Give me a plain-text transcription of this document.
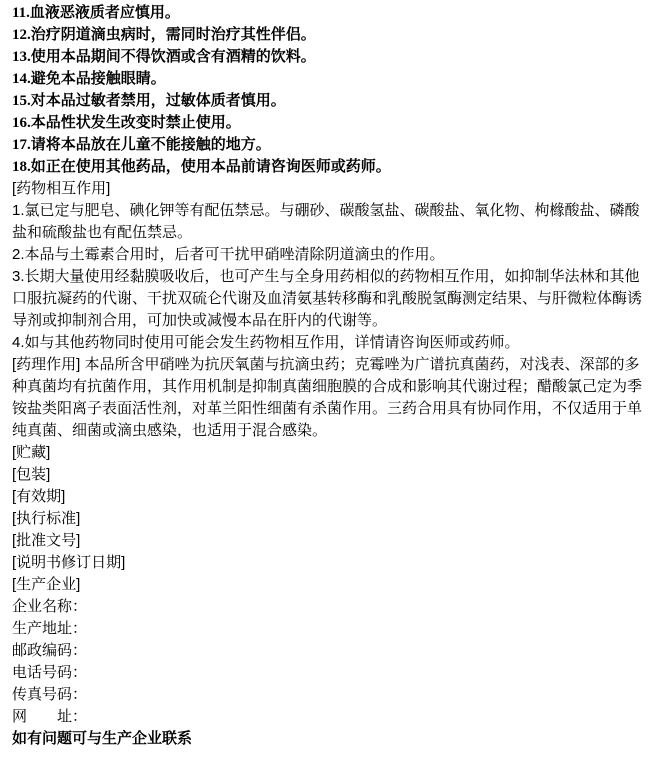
11.血液恶液质者应慎用。
12.治疗阴道滴虫病时，需同时治疗其性伴侣。
13.使用本品期间不得饮酒或含有酒精的饮料。
14.避免本品接触眼睛。
15.对本品过敏者禁用，过敏体质者慎用。
16.本品性状发生改变时禁止使用。
17.请将本品放在儿童不能接触的地方。
18.如正在使用其他药品，使用本品前请咨询医师或药师。
[药物相互作用]
1.氯已定与肥皂、碘化钾等有配伍禁忌。与硼砂、碳酸氢盐、碳酸盐、氧化物、枸橼酸盐、磷酸
盐和硫酸盐也有配伍禁忌。
2.本品与土霉素合用时，后者可干扰甲硝唑清除阴道滴虫的作用。
3.长期大量使用经黏膜吸收后，也可产生与全身用药相似的药物相互作用，如抑制华法林和其他
口服抗凝药的代谢、干扰双硫仑代谢及血清氨基转移酶和乳酸脱氢酶测定结果、与肝微粒体酶诱
导剂或抑制剂合用，可加快或减慢本品在肝内的代谢等。
4.如与其他药物同时使用可能会发生药物相互作用，详情请咨询医师或药师。
[药理作用] 本品所含甲硝唑为抗厌氧菌与抗滴虫药；克霉唑为广谱抗真菌药，对浅表、深部的多
种真菌均有抗菌作用，其作用机制是抑制真菌细胞膜的合成和影响其代谢过程；醋酸氯己定为季
铵盐类阳离子表面活性剂，对革兰阳性细菌有杀菌作用。三药合用具有协同作用，不仅适用于单
纯真菌、细菌或滴虫感染，也适用于混合感染。
[贮藏]
[包装]
[有效期]
[执行标准]
[批准文号]
[说明书修订日期]
[生产企业]
企业名称：
生产地址：
邮政编码：
电话号码：
传真号码：
网　　址：
如有问题可与生产企业联系
